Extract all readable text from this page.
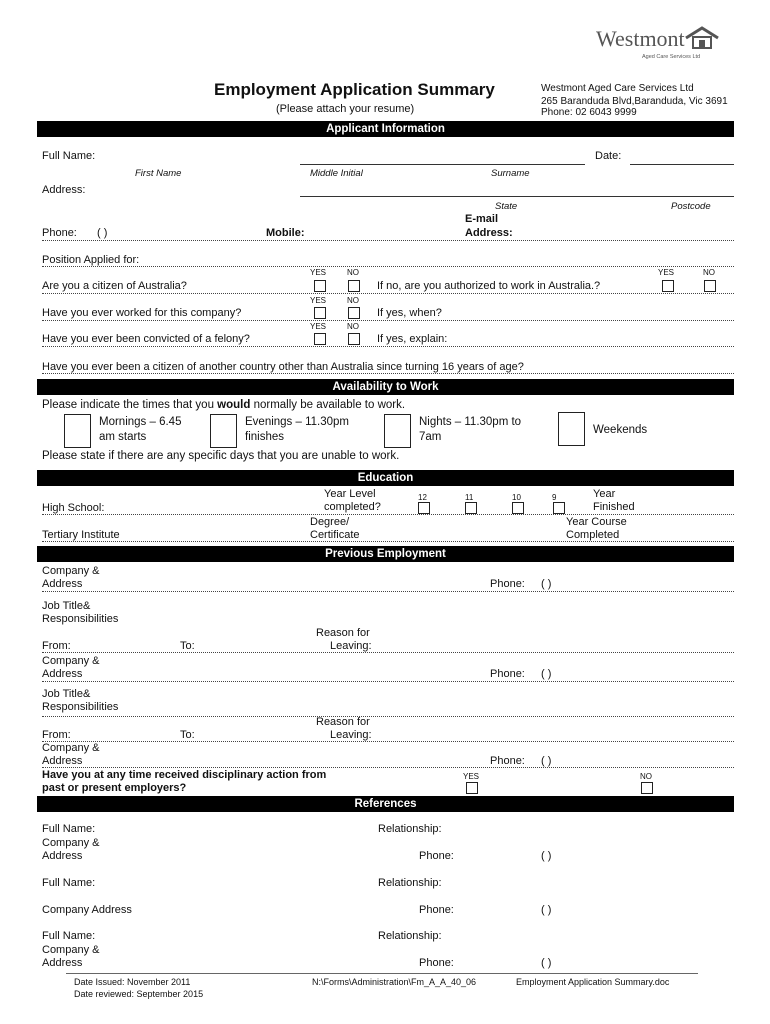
Westmont
Aged Care Services Ltd
Employment Application Summary
(Please attach your resume)
Westmont Aged Care Services Ltd
265 Baranduda Blvd,Baranduda, Vic 3691
Phone: 02 6043 9999
Applicant Information
Full Name:	Date:
First Name	Middle Initial	Surname
Address:
State	Postcode
Phone: ( )	Mobile:
E-mail
Address:
Position Applied for:
YES	NO	YES	NO
Are you a citizen of Australia?	If no, are you authorized to work in Australia.?
YES	NO
Have you ever worked for this company?	If yes, when?
YES	NO
Have you ever been convicted of a felony?	If yes, explain:
Have you ever been a citizen of another country other than Australia since turning 16 years of age?
Availability to Work
Please indicate the times that you would normally be available to work.
Mornings – 6.45
am starts
Evenings – 11.30pm
finishes
Nights – 11.30pm to
7am
Weekends
Please state if there are any specific days that you are unable to work.
Education
Year Level
completed?
12	11	10	9	Year
Finished
High School:
Degree/
Certificate
Year Course
Completed
Tertiary Institute
Previous Employment
Company &
Address	Phone: ( )
Job Title&
Responsibilities
Reason for
Leaving:
From:	To:
Company &
Address	Phone: ( )
Job Title&
Responsibilities
Reason for
Leaving:
From:	To:
Company &
Address	Phone: ( )
Have you at any time received disciplinary action from
past or present employers?
YES	NO
References
Full Name:	Relationship:
Company &
Address	Phone:	( )
Full Name:	Relationship:
Company Address	Phone:	( )
Full Name:	Relationship:
Company &
Address	Phone:	( )
Date Issued: November 2011
Date reviewed: September 2015
N:\Forms\Administration\Fm_A_A_40_06	Employment Application Summary.doc
